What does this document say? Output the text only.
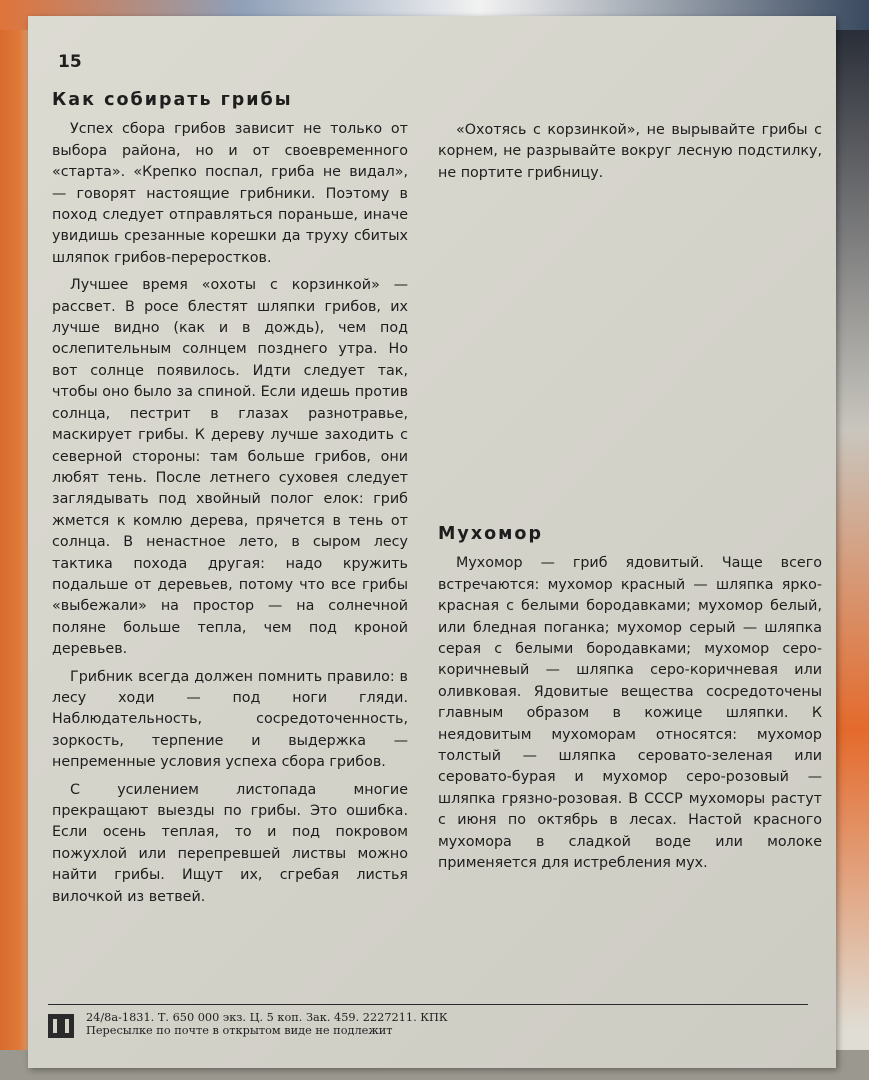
15
Как собирать грибы

Успех сбора грибов зависит не только от выбора района, но и от своевременного «старта». «Крепко поспал, гриба не видал», — говорят настоящие грибники. Поэтому в поход следует отправляться пораньше, иначе увидишь срезанные корешки да труху сбитых шляпок грибов-переростков.

Лучшее время «охоты с корзинкой» — рассвет. В росе блестят шляпки грибов, их лучше видно (как и в дождь), чем под ослепительным солнцем позднего утра. Но вот солнце появилось. Идти следует так, чтобы оно было за спиной. Если идешь против солнца, пестрит в глазах разнотравье, маскирует грибы. К дереву лучше заходить с северной стороны: там больше грибов, они любят тень. После летнего суховея следует заглядывать под хвойный полог елок: гриб жмется к комлю дерева, прячется в тень от солнца. В ненастное лето, в сыром лесу тактика похода другая: надо кружить подальше от деревьев, потому что все грибы «выбежали» на простор — на солнечной поляне больше тепла, чем под кроной деревьев.

Грибник всегда должен помнить правило: в лесу ходи — под ноги гляди. Наблюдательность, сосредоточенность, зоркость, терпение и выдержка — непременные условия успеха сбора грибов.

С усилением листопада многие прекращают выезды по грибы. Это ошибка. Если осень теплая, то и под покровом пожухлой или перепревшей листвы можно найти грибы. Ищут их, сгребая листья вилочкой из ветвей.

«Охотясь с корзинкой», не вырывайте грибы с корнем, не разрывайте вокруг лесную подстилку, не портите грибницу.

Мухомор

Мухомор — гриб ядовитый. Чаще всего встречаются: мухомор красный — шляпка ярко-красная с белыми бородавками; мухомор белый, или бледная поганка; мухомор серый — шляпка серая с белыми бородавками; мухомор серо-коричневый — шляпка серо-коричневая или оливковая. Ядовитые вещества сосредоточены главным образом в кожице шляпки. К неядовитым мухоморам относятся: мухомор толстый — шляпка серовато-зеленая или серовато-бурая и мухомор серо-розовый — шляпка грязно-розовая. В СССР мухоморы растут с июня по октябрь в лесах. Настой красного мухомора в сладкой воде или молоке применяется для истребления мух.

24/8а-1831. Т. 650 000 экз. Ц. 5 коп. Зак. 459. 2227211. КПК
Пересылке по почте в открытом виде не подлежит
